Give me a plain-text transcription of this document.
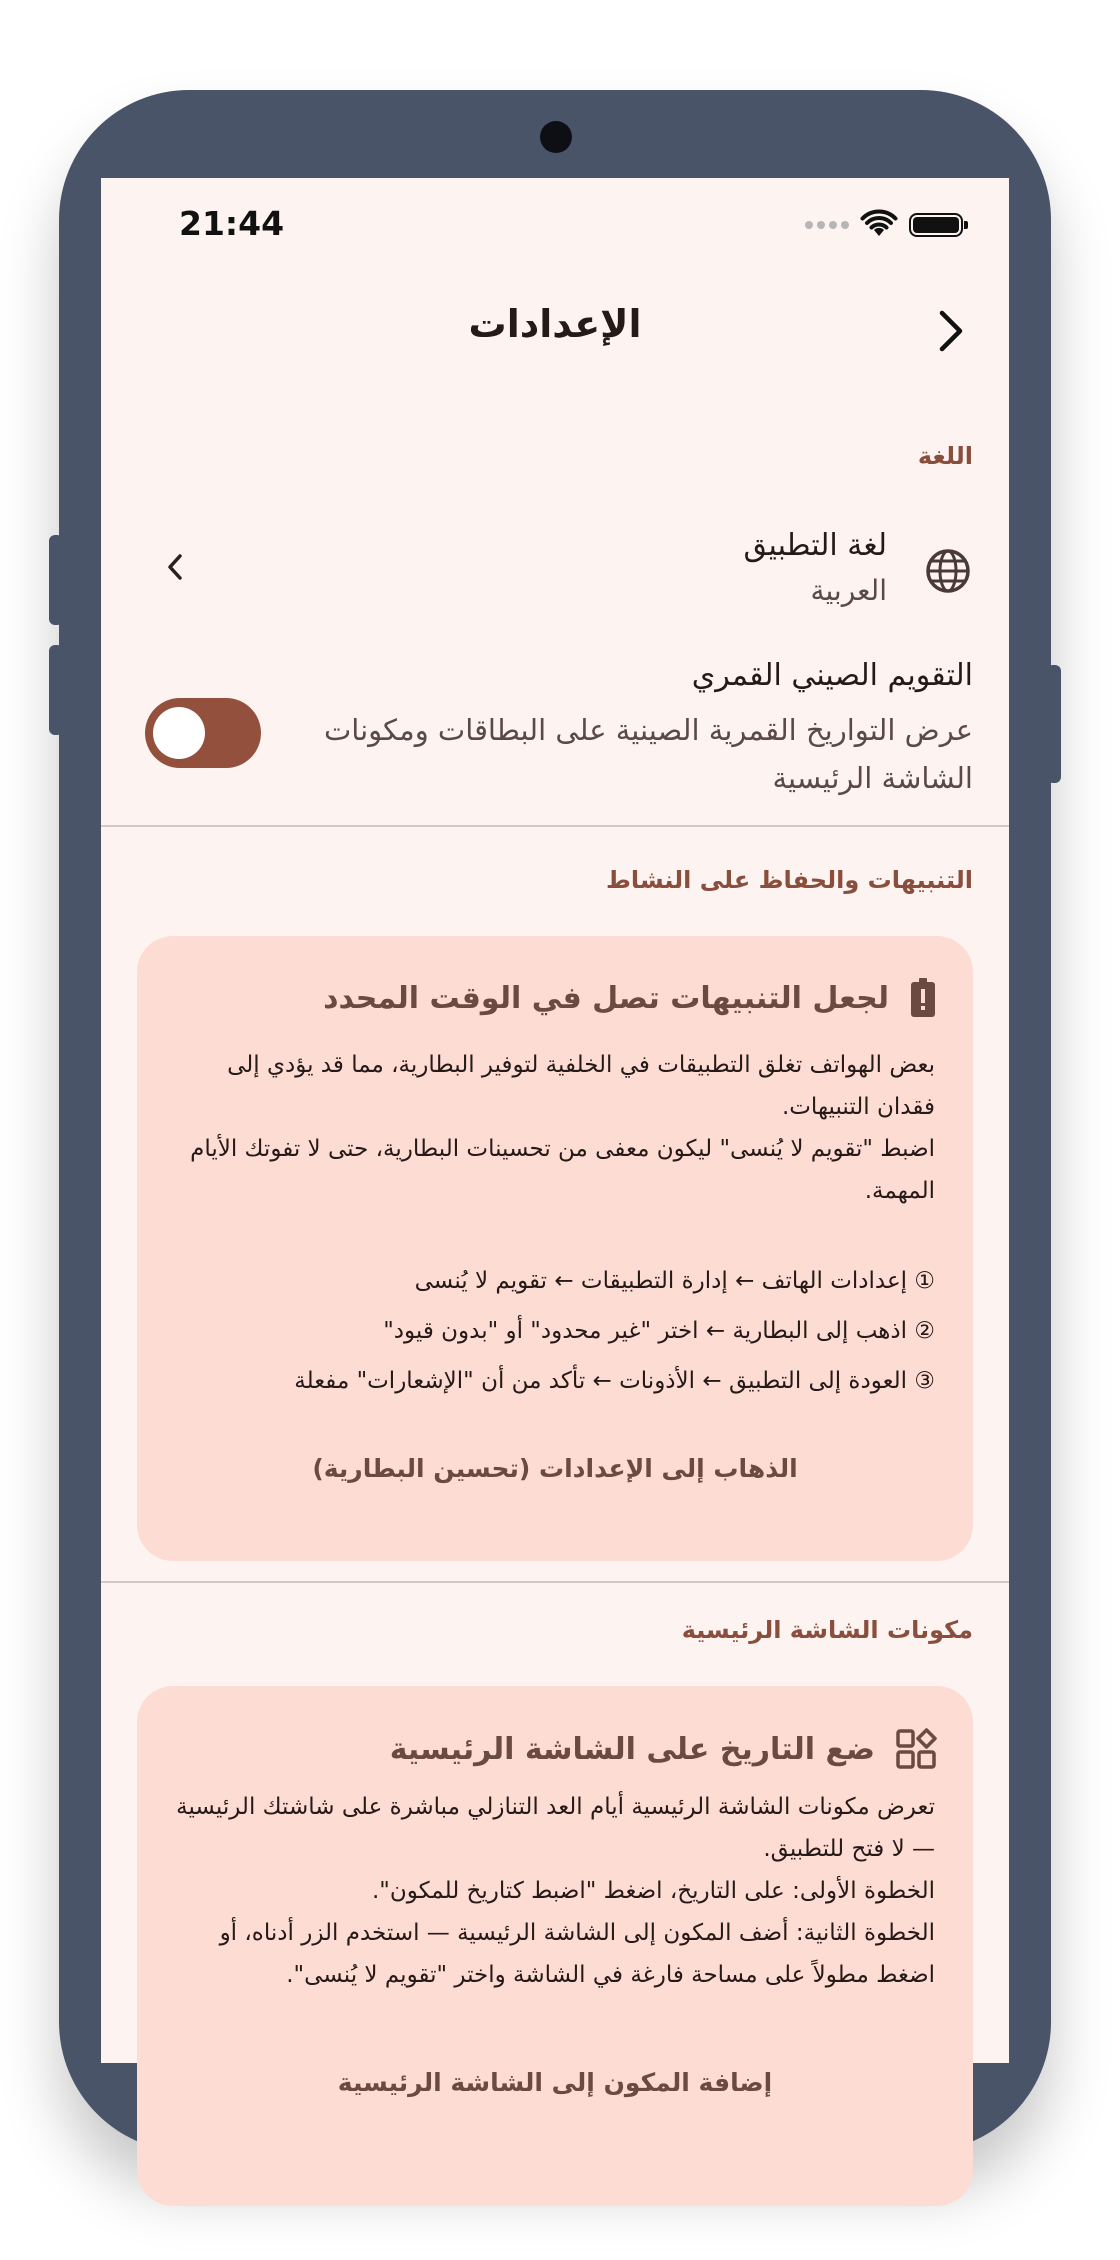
21:44
الإعدادات
اللغة
لغة التطبيق
العربية
التقويم الصيني القمري
عرض التواريخ القمرية الصينية على البطاقات ومكونات الشاشة الرئيسية
التنبيهات والحفاظ على النشاط
لجعل التنبيهات تصل في الوقت المحدد
بعض الهواتف تغلق التطبيقات في الخلفية لتوفير البطارية، مما قد يؤدي إلى فقدان التنبيهات.
اضبط "تقويم لا يُنسى" ليكون معفى من تحسينات البطارية، حتى لا تفوتك الأيام المهمة.
① إعدادات الهاتف ← إدارة التطبيقات ← تقويم لا يُنسى
② اذهب إلى البطارية ← اختر "غير محدود" أو "بدون قيود"
③ العودة إلى التطبيق ← الأذونات ← تأكد من أن "الإشعارات" مفعلة
الذهاب إلى الإعدادات (تحسين البطارية)
مكونات الشاشة الرئيسية
ضع التاريخ على الشاشة الرئيسية
تعرض مكونات الشاشة الرئيسية أيام العد التنازلي مباشرة على شاشتك الرئيسية — لا فتح للتطبيق.
الخطوة الأولى: على التاريخ، اضغط "اضبط كتاريخ للمكون".
الخطوة الثانية: أضف المكون إلى الشاشة الرئيسية — استخدم الزر أدناه، أو اضغط مطولاً على مساحة فارغة في الشاشة واختر "تقويم لا يُنسى".
إضافة المكون إلى الشاشة الرئيسية
